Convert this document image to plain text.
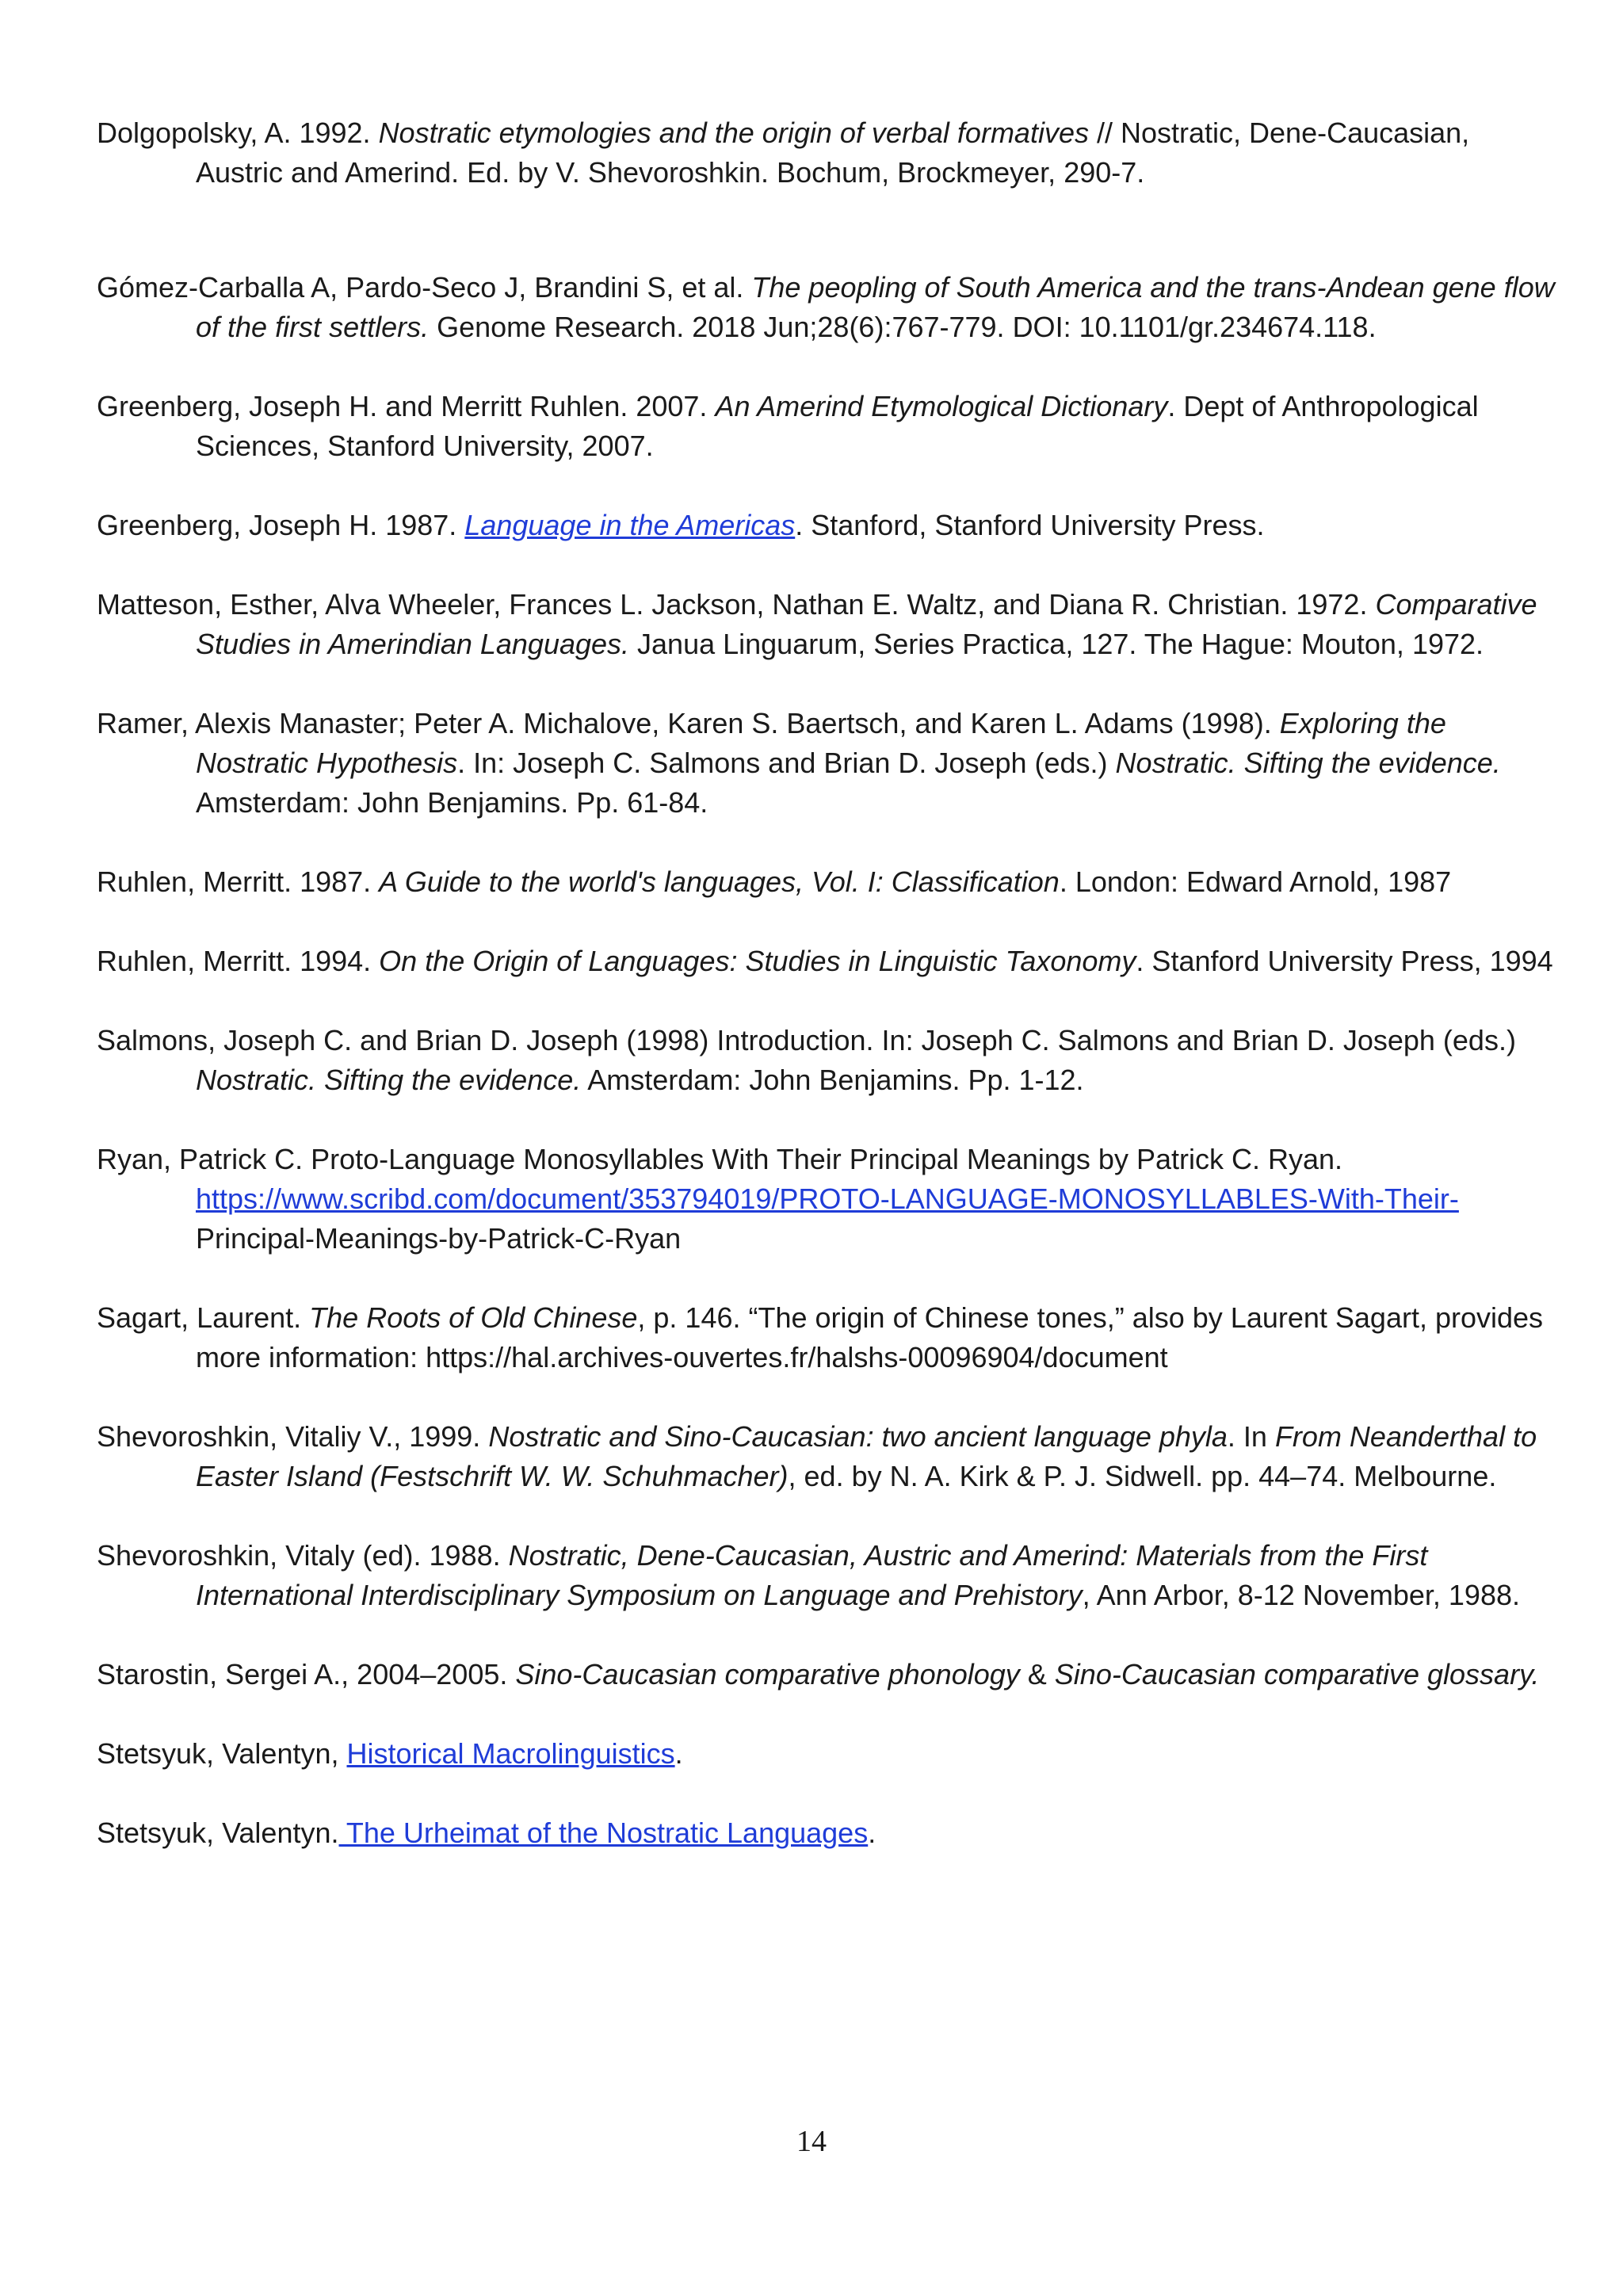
Dolgopolsky, A. 1992. Nostratic etymologies and the origin of verbal formatives // Nostratic, Dene-Caucasian, Austric and Amerind. Ed. by V. Shevoroshkin. Bochum, Brockmeyer, 290-7.
Gómez-Carballa A, Pardo-Seco J, Brandini S, et al. The peopling of South America and the trans-Andean gene flow of the first settlers. Genome Research. 2018 Jun;28(6):767-779. DOI: 10.1101/gr.234674.118.
Greenberg, Joseph H. and Merritt Ruhlen. 2007. An Amerind Etymological Dictionary. Dept of Anthropological Sciences, Stanford University, 2007.
Greenberg, Joseph H. 1987. Language in the Americas. Stanford, Stanford University Press.
Matteson, Esther, Alva Wheeler, Frances L. Jackson, Nathan E. Waltz, and Diana R. Christian. 1972. Comparative Studies in Amerindian Languages. Janua Linguarum, Series Practica, 127. The Hague: Mouton, 1972.
Ramer, Alexis Manaster; Peter A. Michalove, Karen S. Baertsch, and Karen L. Adams (1998). Exploring the Nostratic Hypothesis. In: Joseph C. Salmons and Brian D. Joseph (eds.) Nostratic. Sifting the evidence. Amsterdam: John Benjamins. Pp. 61-84.
Ruhlen, Merritt. 1987. A Guide to the world's languages, Vol. I: Classification. London: Edward Arnold, 1987
Ruhlen, Merritt. 1994. On the Origin of Languages: Studies in Linguistic Taxonomy. Stanford University Press, 1994
Salmons, Joseph C. and Brian D. Joseph (1998) Introduction. In: Joseph C. Salmons and Brian D. Joseph (eds.) Nostratic. Sifting the evidence. Amsterdam: John Benjamins. Pp. 1-12.
Ryan, Patrick C. Proto-Language Monosyllables With Their Principal Meanings by Patrick C. Ryan. https://www.scribd.com/document/353794019/PROTO-LANGUAGE-MONOSYLLABLES-With-Their- Principal-Meanings-by-Patrick-C-Ryan
Sagart, Laurent. The Roots of Old Chinese, p. 146. “The origin of Chinese tones,” also by Laurent Sagart, provides more information: https://hal.archives-ouvertes.fr/halshs-00096904/document
Shevoroshkin, Vitaliy V., 1999. Nostratic and Sino-Caucasian: two ancient language phyla. In From Neanderthal to Easter Island (Festschrift W. W. Schuhmacher), ed. by N. A. Kirk & P. J. Sidwell. pp. 44–74. Melbourne.
Shevoroshkin, Vitaly (ed). 1988. Nostratic, Dene-Caucasian, Austric and Amerind: Materials from the First International Interdisciplinary Symposium on Language and Prehistory, Ann Arbor, 8-12 November, 1988.
Starostin, Sergei A., 2004–2005. Sino-Caucasian comparative phonology & Sino-Caucasian comparative glossary.
Stetsyuk, Valentyn, Historical Macrolinguistics.
Stetsyuk, Valentyn. The Urheimat of the Nostratic Languages.
14
